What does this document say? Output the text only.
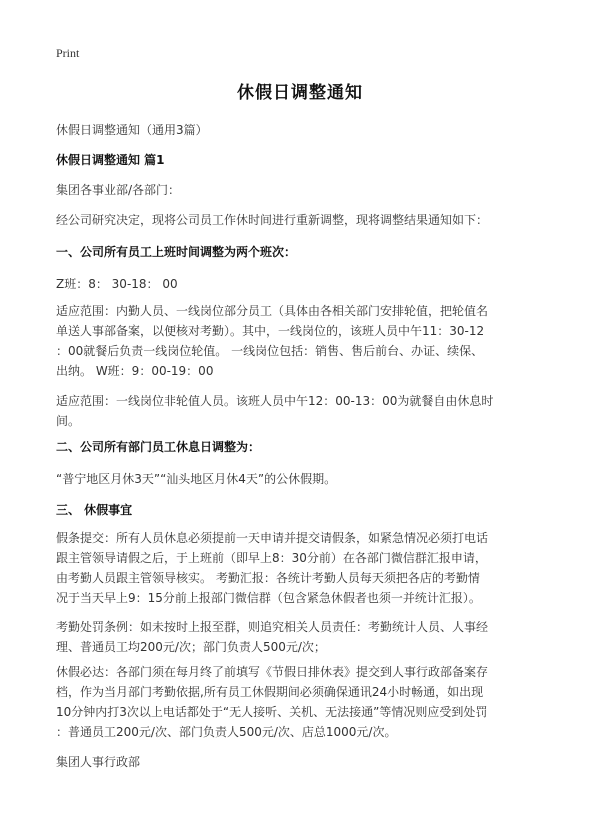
Print
休假日调整通知
休假日调整通知（通用3篇）
休假日调整通知 篇1
集团各事业部/各部门：
经公司研究决定，现将公司员工作休时间进行重新调整，现将调整结果通知如下：
一、公司所有员工上班时间调整为两个班次：
Z班：8： 30-18： 00
适应范围：内勤人员、一线岗位部分员工（具体由各相关部门安排轮值，把轮值名
单送人事部备案，以便核对考勤）。其中，一线岗位的，该班人员中午11：30-12
：00就餐后负责一线岗位轮值。 一线岗位包括：销售、售后前台、办证、续保、
出纳。 W班：9：00-19：00
适应范围：一线岗位非轮值人员。该班人员中午12：00-13：00为就餐自由休息时
间。
二、公司所有部门员工休息日调整为：
“普宁地区月休3天”“汕头地区月休4天”的公休假期。
三、 休假事宜
假条提交：所有人员休息必须提前一天申请并提交请假条，如紧急情况必须打电话
跟主管领导请假之后，于上班前（即早上8：30分前）在各部门微信群汇报申请，
由考勤人员跟主管领导核实。 考勤汇报：各统计考勤人员每天须把各店的考勤情
况于当天早上9：15分前上报部门微信群（包含紧急休假者也须一并统计汇报）。
考勤处罚条例：如未按时上报至群，则追究相关人员责任：考勤统计人员、人事经
理、普通员工均200元/次；部门负责人500元/次；
休假必达：各部门须在每月终了前填写《节假日排休表》提交到人事行政部备案存
档，作为当月部门考勤依据,所有员工休假期间必须确保通讯24小时畅通，如出现
10分钟内打3次以上电话都处于“无人接听、关机、无法接通”等情况则应受到处罚
：普通员工200元/次、部门负责人500元/次、店总1000元/次。
集团人事行政部
